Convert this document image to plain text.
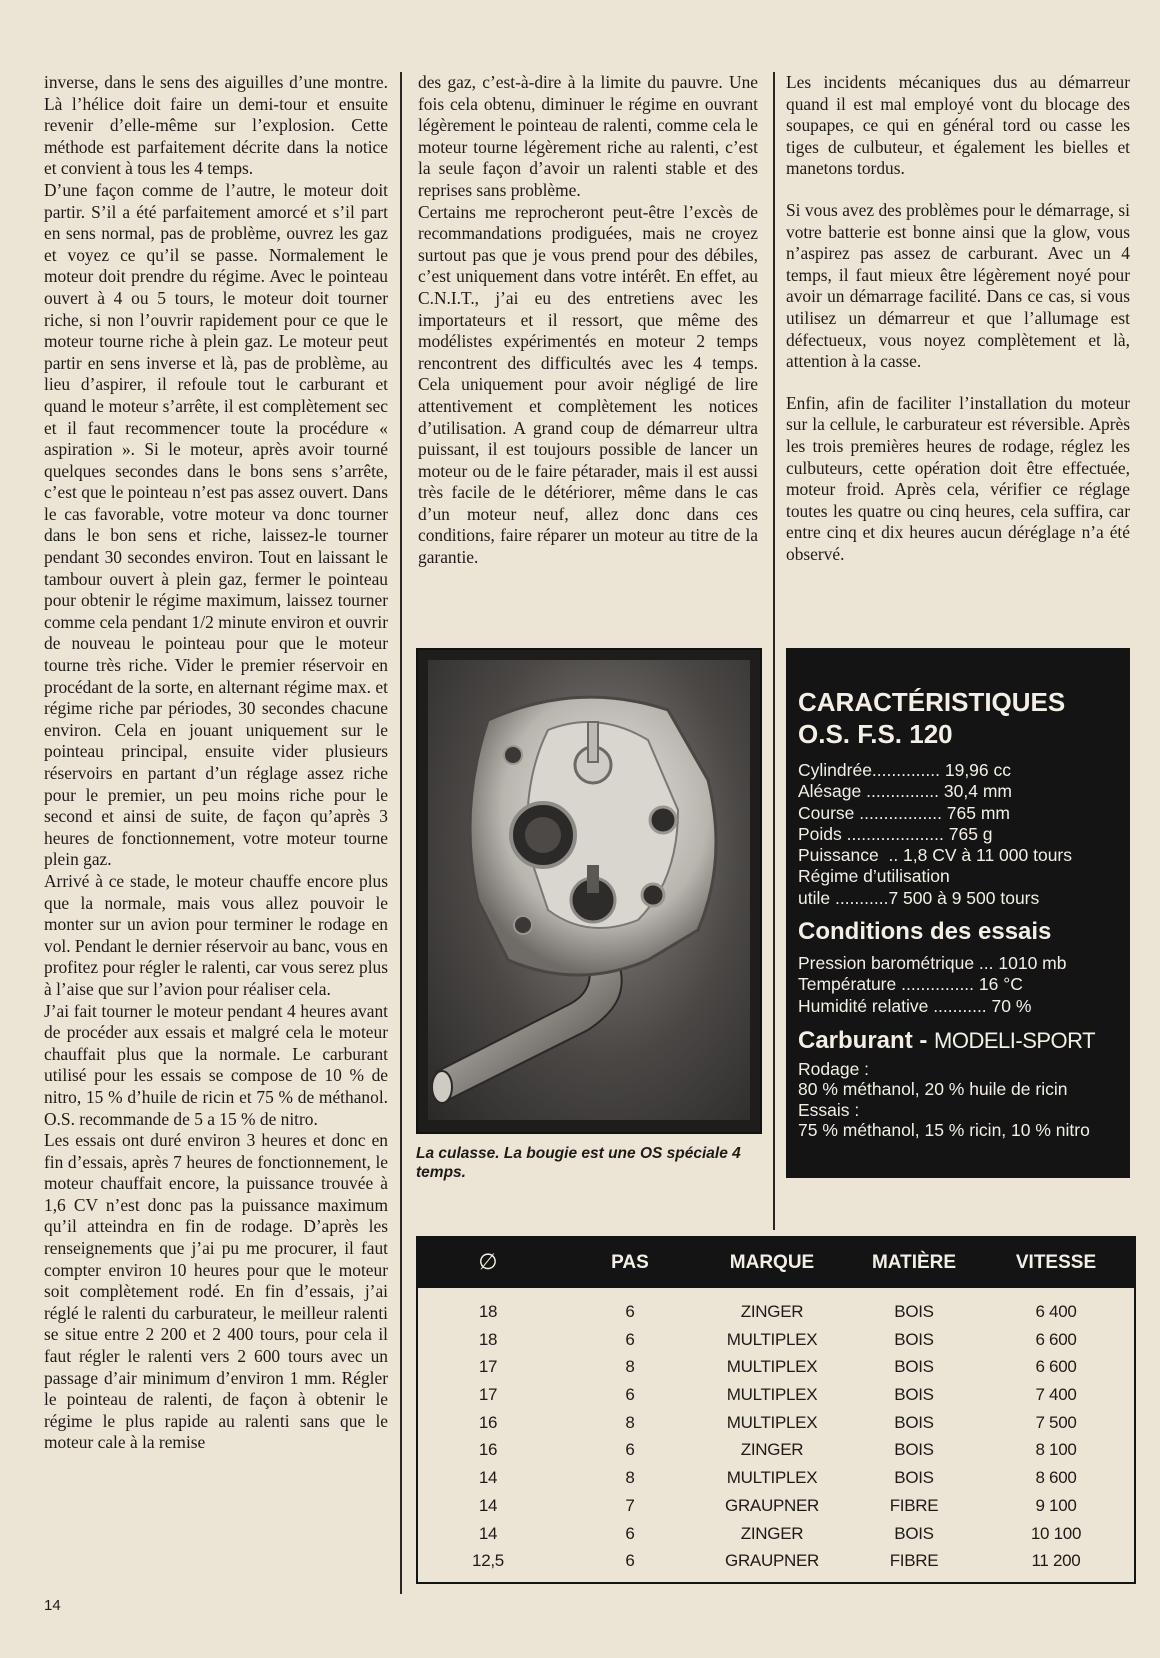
inverse, dans le sens des aiguilles d’une montre. Là l’hélice doit faire un demi-tour et ensuite revenir d’elle-même sur l’explosion. Cette méthode est parfaitement décrite dans la notice et convient à tous les 4 temps.

D’une façon comme de l’autre, le moteur doit partir. S’il a été parfaitement amorcé et s’il part en sens normal, pas de problème, ouvrez les gaz et voyez ce qu’il se passe. Normalement le moteur doit prendre du régime. Avec le pointeau ouvert à 4 ou 5 tours, le moteur doit tourner riche, si non l’ouvrir rapidement pour ce que le moteur tourne riche à plein gaz. Le moteur peut partir en sens inverse et là, pas de problème, au lieu d’aspirer, il refoule tout le carburant et quand le moteur s’arrête, il est complètement sec et il faut recommencer toute la procédure « aspiration ». Si le moteur, après avoir tourné quelques secondes dans le bons sens s’arrête, c’est que le pointeau n’est pas assez ouvert. Dans le cas favorable, votre moteur va donc tourner dans le bon sens et riche, laissez-le tourner pendant 30 secondes environ. Tout en laissant le tambour ouvert à plein gaz, fermer le pointeau pour obtenir le régime maximum, laissez tourner comme cela pendant 1/2 minute environ et ouvrir de nouveau le pointeau pour que le moteur tourne très riche. Vider le premier réservoir en procédant de la sorte, en alternant régime max. et régime riche par périodes, 30 secondes chacune environ. Cela en jouant uniquement sur le pointeau principal, ensuite vider plusieurs réservoirs en partant d’un réglage assez riche pour le premier, un peu moins riche pour le second et ainsi de suite, de façon qu’après 3 heures de fonctionnement, votre moteur tourne plein gaz.

Arrivé à ce stade, le moteur chauffe encore plus que la normale, mais vous allez pouvoir le monter sur un avion pour terminer le rodage en vol. Pendant le dernier réservoir au banc, vous en profitez pour régler le ralenti, car vous serez plus à l’aise que sur l’avion pour réaliser cela.

J’ai fait tourner le moteur pendant 4 heures avant de procéder aux essais et malgré cela le moteur chauffait plus que la normale. Le carburant utilisé pour les essais se compose de 10 % de nitro, 15 % d’huile de ricin et 75 % de méthanol. O.S. recommande de 5 a 15 % de nitro.

Les essais ont duré environ 3 heures et donc en fin d’essais, après 7 heures de fonctionnement, le moteur chauffait encore, la puissance trouvée à 1,6 CV n’est donc pas la puissance maximum qu’il atteindra en fin de rodage. D’après les renseignements que j’ai pu me procurer, il faut compter environ 10 heures pour que le moteur soit complètement rodé. En fin d’essais, j’ai réglé le ralenti du carburateur, le meilleur ralenti se situe entre 2 200 et 2 400 tours, pour cela il faut régler le ralenti vers 2 600 tours avec un passage d’air minimum d’environ 1 mm. Régler le pointeau de ralenti, de façon à obtenir le régime le plus rapide au ralenti sans que le moteur cale à la remise

des gaz, c’est-à-dire à la limite du pauvre. Une fois cela obtenu, diminuer le régime en ouvrant légèrement le pointeau de ralenti, comme cela le moteur tourne légèrement riche au ralenti, c’est la seule façon d’avoir un ralenti stable et des reprises sans problème.

Certains me reprocheront peut-être l’excès de recommandations prodiguées, mais ne croyez surtout pas que je vous prend pour des débiles, c’est uniquement dans votre intérêt. En effet, au C.N.I.T., j’ai eu des entretiens avec les importateurs et il ressort, que même des modélistes expérimentés en moteur 2 temps rencontrent des difficultés avec les 4 temps. Cela uniquement pour avoir négligé de lire attentivement et complètement les notices d’utilisation. A grand coup de démarreur ultra puissant, il est toujours possible de lancer un moteur ou de le faire pétarader, mais il est aussi très facile de le détériorer, même dans le cas d’un moteur neuf, allez donc dans ces conditions, faire réparer un moteur au titre de la garantie.

Les incidents mécaniques dus au démarreur quand il est mal employé vont du blocage des soupapes, ce qui en général tord ou casse les tiges de culbuteur, et également les bielles et manetons tordus.

Si vous avez des problèmes pour le démarrage, si votre batterie est bonne ainsi que la glow, vous n’aspirez pas assez de carburant. Avec un 4 temps, il faut mieux être légèrement noyé pour avoir un démarrage facilité. Dans ce cas, si vous utilisez un démarreur et que l’allumage est défectueux, vous noyez complètement et là, attention à la casse.

Enfin, afin de faciliter l’installation du moteur sur la cellule, le carburateur est réversible. Après les trois premières heures de rodage, réglez les culbuteurs, cette opération doit être effectuée, moteur froid. Après cela, vérifier ce réglage toutes les quatre ou cinq heures, cela suffira, car entre cinq et dix heures aucun déréglage n’a été observé.

La culasse. La bougie est une OS spéciale 4 temps.
CARACTÉRISTIQUES
O.S. F.S. 120
Cylindrée.............. 19,96 cc
Alésage ............... 30,4 mm
Course ................. 765 mm
Poids .................... 765 g
Puissance  .. 1,8 CV à 11 000 tours
Régime d’utilisation
utile ...........7 500 à 9 500 tours
Conditions des essais
Pression barométrique ... 1010 mb
Température ............... 16 °C
Humidité relative ........... 70 %
Carburant - MODELI-SPORT
Rodage :
80 % méthanol, 20 % huile de ricin
Essais :
75 % méthanol, 15 % ricin, 10 % nitro
∅	PAS	MARQUE	MATIÈRE	VITESSE
18	6	ZINGER	BOIS	6 400
18	6	MULTIPLEX	BOIS	6 600
17	8	MULTIPLEX	BOIS	6 600
17	6	MULTIPLEX	BOIS	7 400
16	8	MULTIPLEX	BOIS	7 500
16	6	ZINGER	BOIS	8 100
14	8	MULTIPLEX	BOIS	8 600
14	7	GRAUPNER	FIBRE	9 100
14	6	ZINGER	BOIS	10 100
12,5	6	GRAUPNER	FIBRE	11 200
14
